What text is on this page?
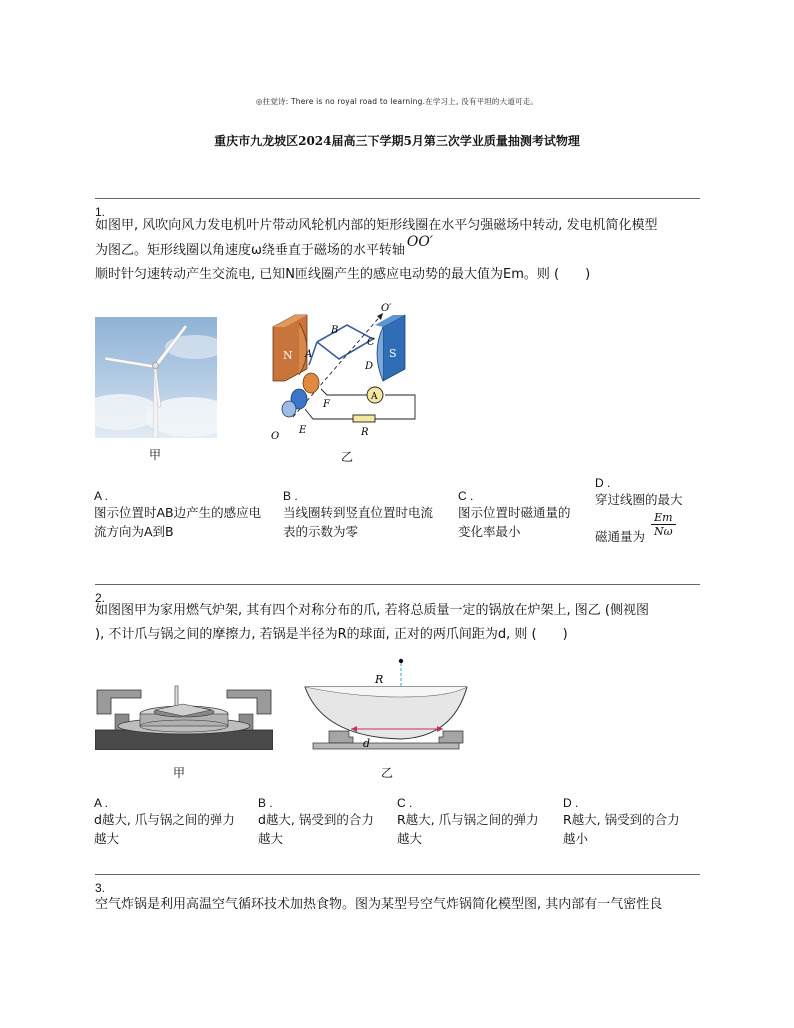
◎拄觉诗: There is no royal road to learning.在学习上, 没有平坦的大道可走。
重庆市九龙坡区2024届高三下学期5月第三次学业质量抽测考试物理
1.
如图甲, 风吹向风力发电机叶片带动风轮机内部的矩形线圈在水平匀强磁场中转动, 发电机简化模型
为图乙。矩形线圈以角速度ω绕垂直于磁场的水平转轴OO′
顺时针匀速转动产生交流电, 已知N匝线圈产生的感应电动势的最大值为Em。则 (　　)
甲
N	S
B
C
D
A
O′
F
E
O
A
R
乙
A .
图示位置时AB边产生的感应电
流方向为A到B
B .
当线圈转到竖直位置时电流
表的示数为零
C .
图示位置时磁通量的
变化率最小
D .
穿过线圈的最大
磁通量为 $\frac{Em}{N\omega}$
2.
如图图甲为家用燃气炉架, 其有四个对称分布的爪, 若将总质量一定的锅放在炉架上, 图乙 (侧视图
), 不计爪与锅之间的摩擦力, 若锅是半径为R的球面, 正对的两爪间距为d, 则 (　　)
甲
R
d
乙
A .
d越大, 爪与锅之间的弹力
越大
B .
d越大, 锅受到的合力
越大
C .
R越大, 爪与锅之间的弹力
越大
D .
R越大, 锅受到的合力
越小
3.
空气炸锅是利用高温空气循环技术加热食物。图为某型号空气炸锅简化模型图, 其内部有一气密性良
